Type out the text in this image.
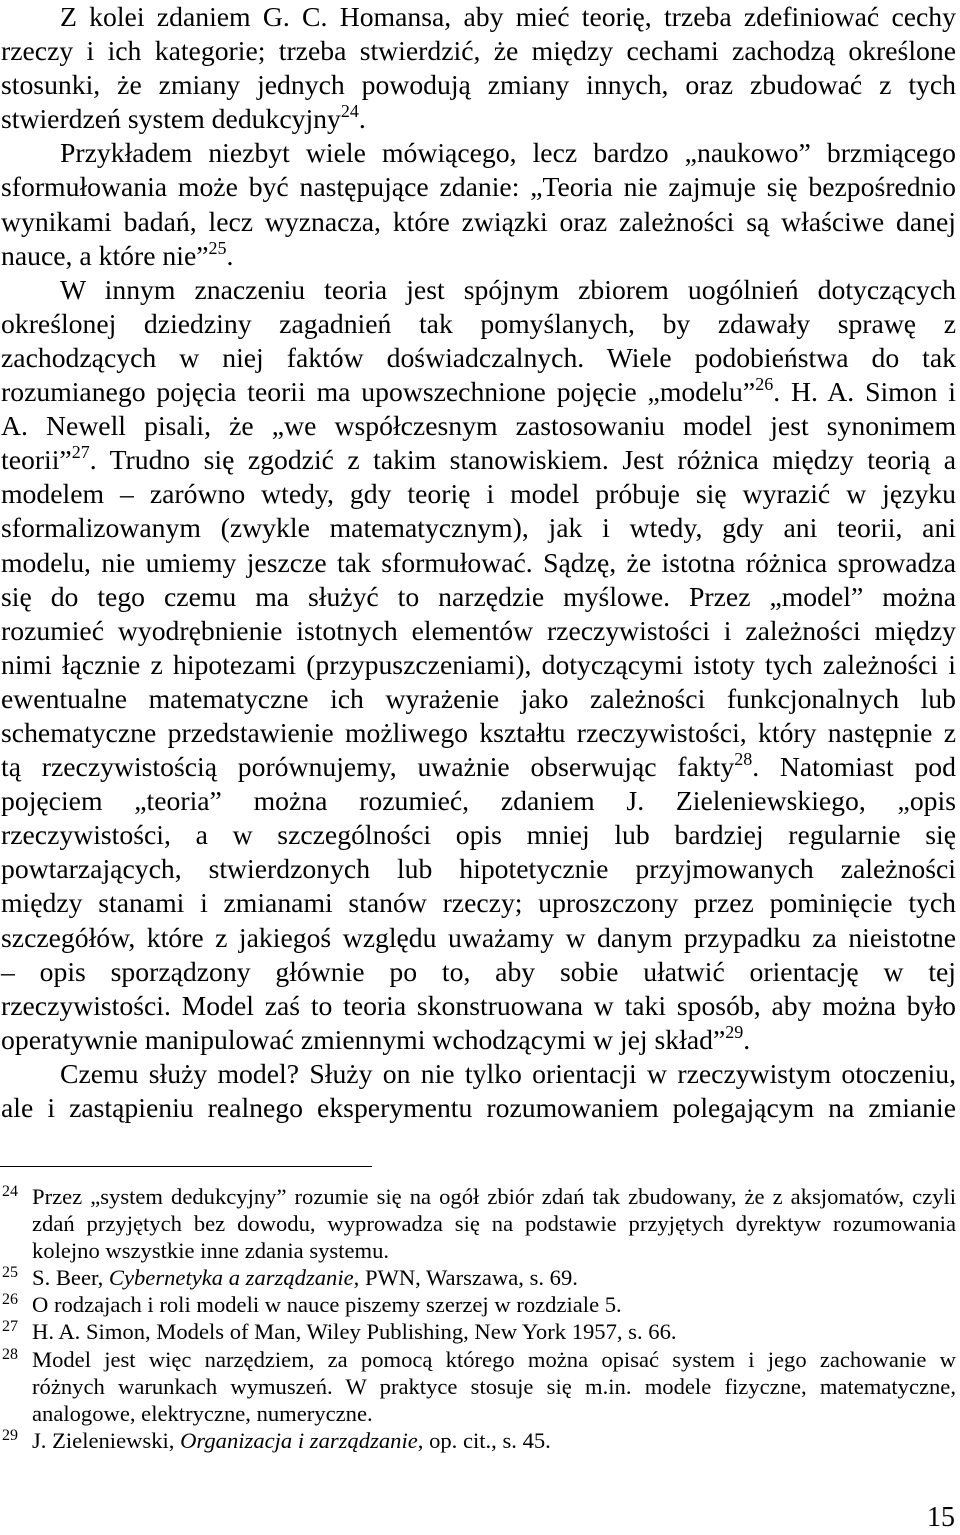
Z kolei zdaniem G. C. Homansa, aby mieć teorię, trzeba zdefiniować cechy
rzeczy i ich kategorie; trzeba stwierdzić, że między cechami zachodzą określone
stosunki, że zmiany jednych powodują zmiany innych, oraz zbudować z tych
stwierdzeń system dedukcyjny$^{24}$.
Przykładem niezbyt wiele mówiącego, lecz bardzo „naukowo” brzmiącego
sformułowania może być następujące zdanie: „Teoria nie zajmuje się bezpośrednio
wynikami badań, lecz wyznacza, które związki oraz zależności są właściwe danej
nauce, a które nie”$^{25}$.
W innym znaczeniu teoria jest spójnym zbiorem uogólnień dotyczących
określonej dziedziny zagadnień tak pomyślanych, by zdawały sprawę z
zachodzących w niej faktów doświadczalnych. Wiele podobieństwa do tak
rozumianego pojęcia teorii ma upowszechnione pojęcie „modelu”$^{26}$. H. A. Simon i
A. Newell pisali, że „we współczesnym zastosowaniu model jest synonimem
teorii”$^{27}$. Trudno się zgodzić z takim stanowiskiem. Jest różnica między teorią a
modelem – zarówno wtedy, gdy teorię i model próbuje się wyrazić w języku
sformalizowanym (zwykle matematycznym), jak i wtedy, gdy ani teorii, ani
modelu, nie umiemy jeszcze tak sformułować. Sądzę, że istotna różnica sprowadza
się do tego czemu ma służyć to narzędzie myślowe. Przez „model” można
rozumieć wyodrębnienie istotnych elementów rzeczywistości i zależności między
nimi łącznie z hipotezami (przypuszczeniami), dotyczącymi istoty tych zależności i
ewentualne matematyczne ich wyrażenie jako zależności funkcjonalnych lub
schematyczne przedstawienie możliwego kształtu rzeczywistości, który następnie z
tą rzeczywistością porównujemy, uważnie obserwując fakty$^{28}$. Natomiast pod
pojęciem „teoria” można rozumieć, zdaniem J. Zieleniewskiego, „opis
rzeczywistości, a w szczególności opis mniej lub bardziej regularnie się
powtarzających, stwierdzonych lub hipotetycznie przyjmowanych zależności
między stanami i zmianami stanów rzeczy; uproszczony przez pominięcie tych
szczegółów, które z jakiegoś względu uważamy w danym przypadku za nieistotne
– opis sporządzony głównie po to, aby sobie ułatwić orientację w tej
rzeczywistości. Model zaś to teoria skonstruowana w taki sposób, aby można było
operatywnie manipulować zmiennymi wchodzącymi w jej skład”$^{29}$.
Czemu służy model? Służy on nie tylko orientacji w rzeczywistym otoczeniu,
ale i zastąpieniu realnego eksperymentu rozumowaniem polegającym na zmianie
24 Przez „system dedukcyjny” rozumie się na ogół zbiór zdań tak zbudowany, że z aksjomatów, czyli
zdań przyjętych bez dowodu, wyprowadza się na podstawie przyjętych dyrektyw rozumowania
kolejno wszystkie inne zdania systemu.
25 S. Beer, Cybernetyka a zarządzanie, PWN, Warszawa, s. 69.
26 O rodzajach i roli modeli w nauce piszemy szerzej w rozdziale 5.
27 H. A. Simon, Models of Man, Wiley Publishing, New York 1957, s. 66.
28 Model jest więc narzędziem, za pomocą którego można opisać system i jego zachowanie w
różnych warunkach wymuszeń. W praktyce stosuje się m.in. modele fizyczne, matematyczne,
analogowe, elektryczne, numeryczne.
29 J. Zieleniewski, Organizacja i zarządzanie, op. cit., s. 45.
15
